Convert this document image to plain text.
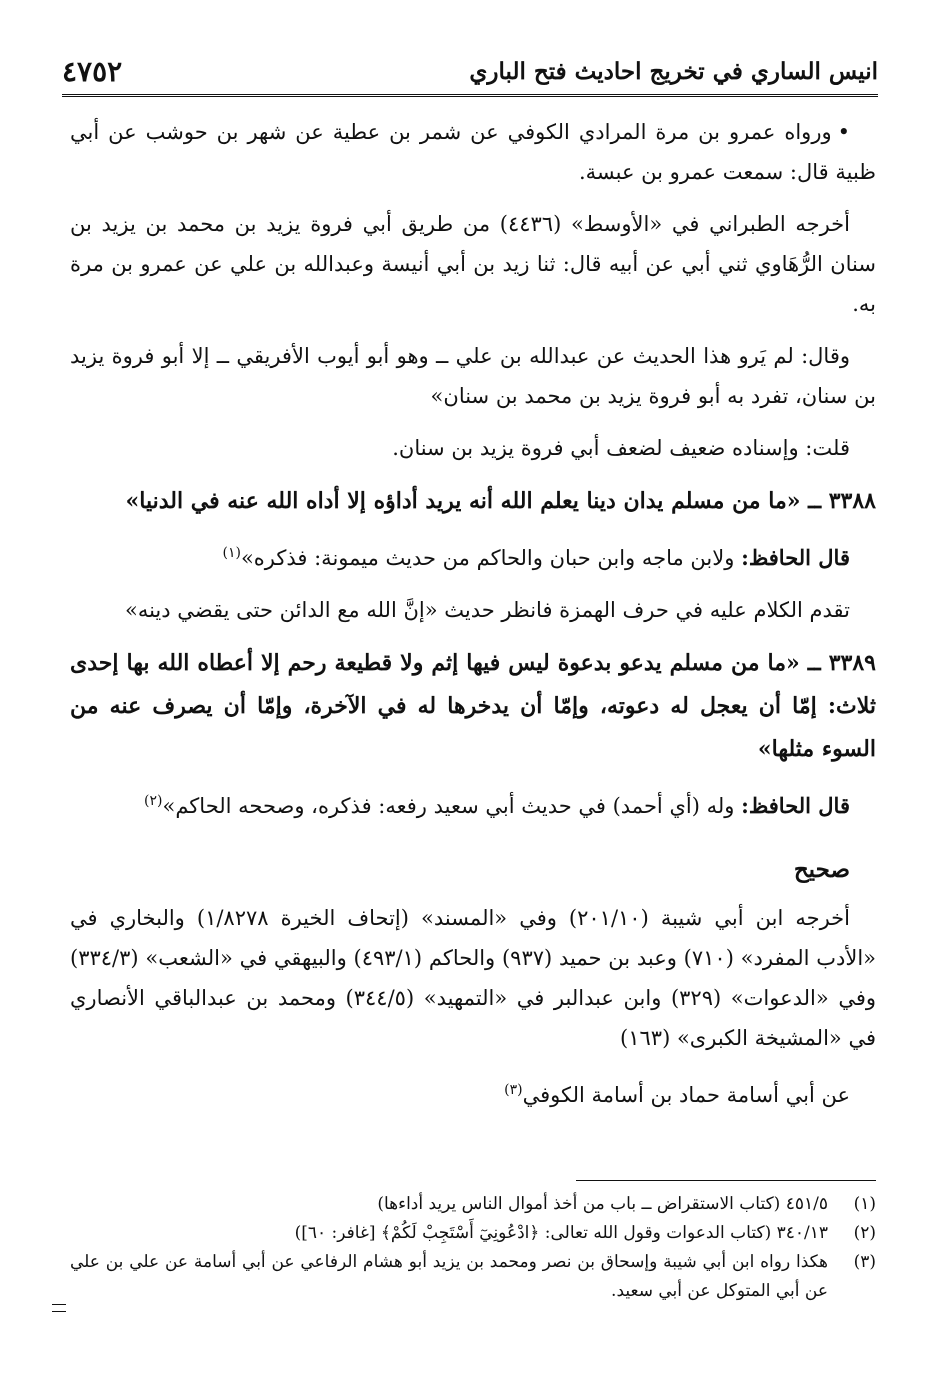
انيس الساري في تخريج احاديث فتح الباري
٤٧٥٢

• ورواه عمرو بن مرة المرادي الكوفي عن شمر بن عطية عن شهر بن حوشب عن أبي ظبية قال: سمعت عمرو بن عبسة.

أخرجه الطبراني في «الأوسط» (٤٤٣٦) من طريق أبي فروة يزيد بن محمد بن يزيد بن سنان الرُّهَاوي ثني أبي عن أبيه قال: ثنا زيد بن أبي أنيسة وعبدالله بن علي عن عمرو بن مرة به.

وقال: لم يَرو هذا الحديث عن عبدالله بن علي ــ وهو أبو أيوب الأفريقي ــ إلا أبو فروة يزيد بن سنان، تفرد به أبو فروة يزيد بن محمد بن سنان»

قلت: وإسناده ضعيف لضعف أبي فروة يزيد بن سنان.

٣٣٨٨ ــ «ما من مسلم يدان دينا يعلم الله أنه يريد أداؤه إلا أداه الله عنه في الدنيا»

قال الحافظ: ولابن ماجه وابن حبان والحاكم من حديث ميمونة: فذكره»$^{(١)}$

تقدم الكلام عليه في حرف الهمزة فانظر حديث «إنَّ الله مع الدائن حتى يقضي دينه»

٣٣٨٩ ــ «ما من مسلم يدعو بدعوة ليس فيها إثم ولا قطيعة رحم إلا أعطاه الله بها إحدى ثلاث: إمّا أن يعجل له دعوته، وإمّا أن يدخرها له في الآخرة، وإمّا أن يصرف عنه من السوء مثلها»

قال الحافظ: وله (أي أحمد) في حديث أبي سعيد رفعه: فذكره، وصححه الحاكم»$^{(٢)}$

صحيح

أخرجه ابن أبي شيبة (٢٠١/١٠) وفي «المسند» (إتحاف الخيرة ١/٨٢٧٨) والبخاري في «الأدب المفرد» (٧١٠) وعبد بن حميد (٩٣٧) والحاكم (٤٩٣/١) والبيهقي في «الشعب» (٣٣٤/٣) وفي «الدعوات» (٣٢٩) وابن عبدالبر في «التمهيد» (٣٤٤/٥) ومحمد بن عبدالباقي الأنصاري في «المشيخة الكبرى» (١٦٣)

عن أبي أسامة حماد بن أسامة الكوفي$^{(٣)}$

(١)
٤٥١/٥ (كتاب الاستقراض ــ باب من أخذ أموال الناس يريد أداءها)
(٢)
٣٤٠/١٣ (كتاب الدعوات وقول الله تعالى: ﴿ادْعُونِيٓ أَسْتَجِبْ لَكُمْ﴾ [غافر: ٦٠])
(٣)
هكذا رواه ابن أبي شيبة وإسحاق بن نصر ومحمد بن يزيد أبو هشام الرفاعي عن أبي أسامة عن علي بن علي عن أبي المتوكل عن أبي سعيد.
